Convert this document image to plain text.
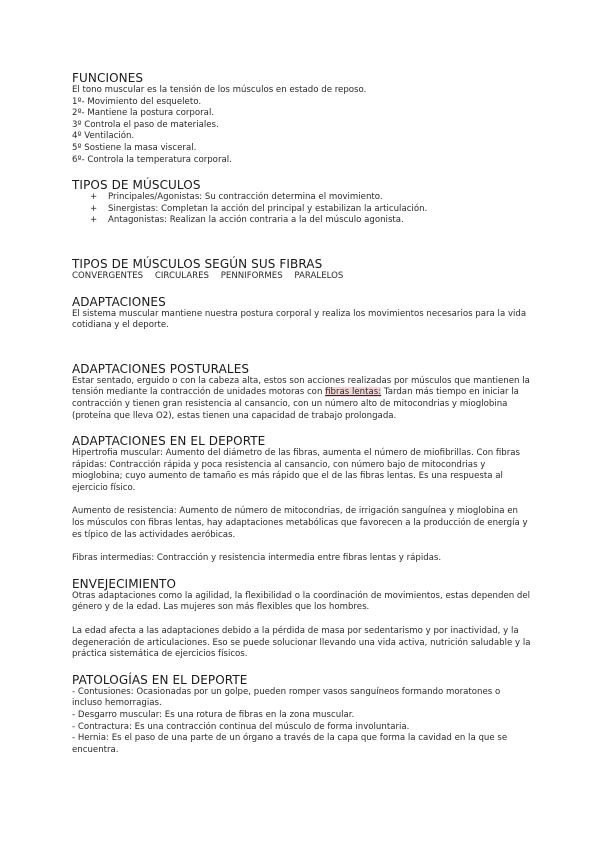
FUNCIONES

El tono muscular es la tensión de los músculos en estado de reposo.

1º- Movimiento del esqueleto.

2º- Mantiene la postura corporal.

3º Controla el paso de materiales.

4º Ventilación.

5º Sostiene la masa visceral.

6º- Controla la temperatura corporal.

TIPOS DE MÚSCULOS
+ Principales/Agonistas: Su contracción determina el movimiento.
+ Sinergistas: Completan la acción del principal y estabilizan la articulación.
+ Antagonistas: Realizan la acción contraria a la del músculo agonista.
TIPOS DE MÚSCULOS SEGÚN SUS FIBRAS

CONVERGENTES CIRCULARES PENNIFORMES PARALELOS

ADAPTACIONES

El sistema muscular mantiene nuestra postura corporal y realiza los movimientos necesarios para la vida cotidiana y el deporte.

ADAPTACIONES POSTURALES

Estar sentado, erguido o con la cabeza alta, estos son acciones realizadas por músculos que mantienen la tensión mediante la contracción de unidades motoras con fibras lentas: Tardan más tiempo en iniciar la contracción y tienen gran resistencia al cansancio, con un número alto de mitocondrias y mioglobina (proteína que lleva O2), estas tienen una capacidad de trabajo prolongada.

ADAPTACIONES EN EL DEPORTE

Hipertrofia muscular: Aumento del diámetro de las fibras, aumenta el número de miofibrillas. Con fibras rápidas: Contracción rápida y poca resistencia al cansancio, con número bajo de mitocondrias y mioglobina; cuyo aumento de tamaño es más rápido que el de las fibras lentas. Es una respuesta al ejercicio físico.

Aumento de resistencia: Aumento de número de mitocondrias, de irrigación sanguínea y mioglobina en los músculos con fibras lentas, hay adaptaciones metabólicas que favorecen a la producción de energía y es típico de las actividades aeróbicas.

Fibras intermedias: Contracción y resistencia intermedia entre fibras lentas y rápidas.

ENVEJECIMIENTO

Otras adaptaciones como la agilidad, la flexibilidad o la coordinación de movimientos, estas dependen del género y de la edad. Las mujeres son más flexibles que los hombres.

La edad afecta a las adaptaciones debido a la pérdida de masa por sedentarismo y por inactividad, y la degeneración de articulaciones. Eso se puede solucionar llevando una vida activa, nutrición saludable y la práctica sistemática de ejercicios físicos.

PATOLOGÍAS EN EL DEPORTE

- Contusiones: Ocasionadas por un golpe, pueden romper vasos sanguíneos formando moratones o incluso hemorragias.

- Desgarro muscular: Es una rotura de fibras en la zona muscular.

- Contractura: Es una contracción continua del músculo de forma involuntaria.

- Hernia: Es el paso de una parte de un órgano a través de la capa que forma la cavidad en la que se encuentra.
